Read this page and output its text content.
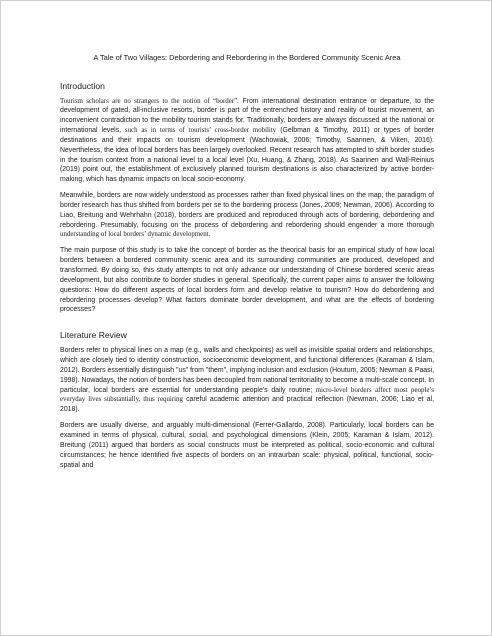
A Tale of Two Villages: Debordering and Rebordering in the Bordered Community Scenic Area
Introduction

Tourism scholars are no strangers to the notion of “border”. From international destination entrance or departure, to the development of gated, all-inclusive resorts, border is part of the entrenched history and reality of tourist movement, an inconvenient contradiction to the mobility tourism stands for. Traditionally, borders are always discussed at the national or international levels, such as in terms of tourists’ cross-border mobility (Gelbman & Timothy, 2011) or types of border destinations and their impacts on tourism development (Wachowiak, 2006; Timothy, Saarinen, & Viken, 2016). Nevertheless, the idea of local borders has been largely overlooked. Recent research has attempted to shift border studies in the tourism context from a national level to a local level (Xu, Huang, & Zhang, 2018). As Saarinen and Wall-Reinius (2019) point out, the establishment of exclusively planned tourism destinations is also characterized by active border-making, which has dynamic impacts on local socio-economy.

Meanwhile, borders are now widely understood as processes rather than fixed physical lines on the map; the paradigm of border research has thus shifted from borders per se to the bordering process (Jones, 2009; Newman, 2006). According to Liao, Breitung and Wehrhahn (2018), borders are produced and reproduced through acts of bordering, debordering and rebordering. Presumably, focusing on the process of debordering and rebordering should engender a more thorough understanding of local borders’ dynamic development.

The main purpose of this study is to take the concept of border as the theorical basis for an empirical study of how local borders between a bordered community scenic area and its surrounding communities are produced, developed and transformed. By doing so, this study attempts to not only advance our understanding of Chinese bordered scenic areas development, but also contribute to border studies in general. Specifically, the current paper aims to answer the following questions: How do different aspects of local borders form and develop relative to tourism? How do debordering and rebordering processes develop? What factors dominate border development, and what are the effects of bordering processes?

Literature Review

Borders refer to physical lines on a map (e.g., walls and checkpoints) as well as invisible spatial orders and relationships, which are closely tied to identity construction, socioeconomic development, and functional differences (Karaman & Islam, 2012). Borders essentially distinguish "us" from "them", implying inclusion and exclusion (Houtum, 2005; Newman & Paasi, 1998). Nowadays, the notion of borders has been decoupled from national territoriality to become a multi-scale concept. In particular, local borders are essential for understanding people’s daily routine; micro-level borders affect most people’s everyday lives substantially, thus requiring careful academic attention and practical reflection (Newman, 2006; Liao et al, 2018).

Borders are usually diverse, and arguably multi-dimensional (Ferrer-Gallardo, 2008). Particularly, local borders can be examined in terms of physical, cultural, social, and psychological dimensions (Klein, 2005; Karaman & Islam, 2012). Breitung (2011) argued that borders as social constructs must be interpreted as political, socio-economic and cultural circumstances; he hence identified five aspects of borders on an intraurban scale: physical, political, functional, socio-spatial and
